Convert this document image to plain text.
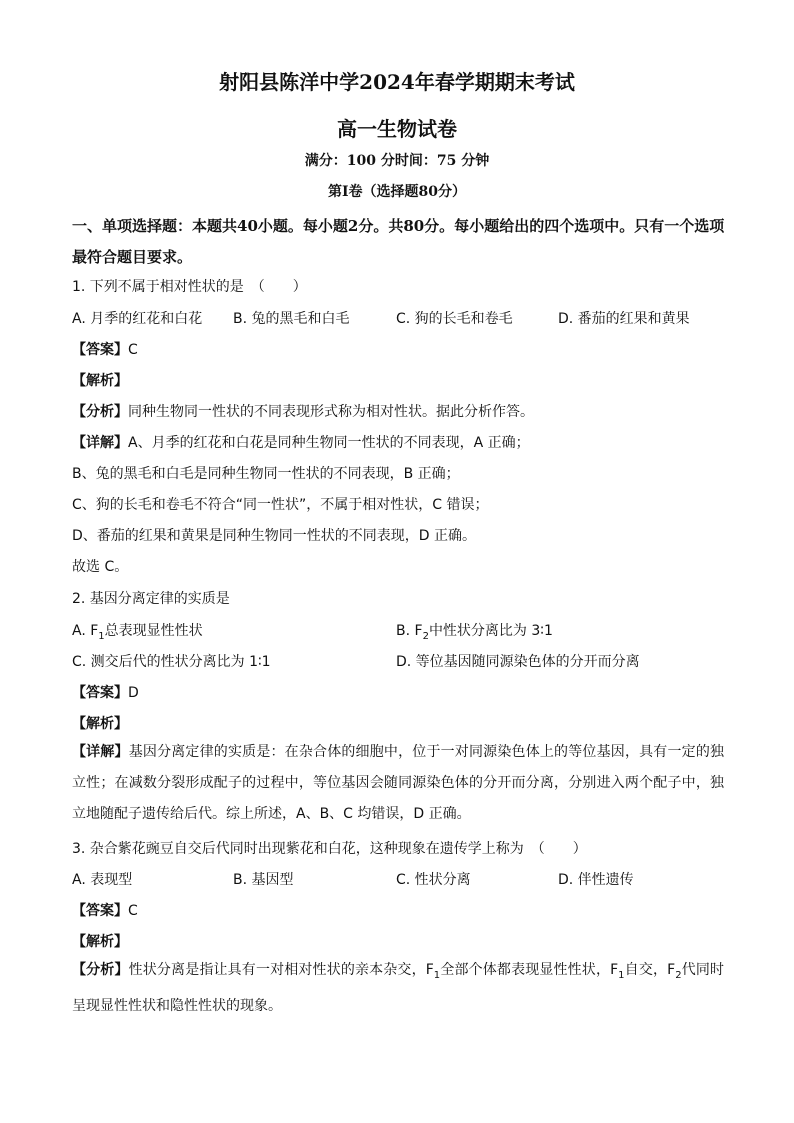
射阳县陈洋中学2024年春学期期末考试
高一生物试卷
满分：100 分时间：75 分钟
第Ⅰ卷（选择题80分）
一、单项选择题：本题共40小题。每小题2分。共80分。每小题给出的四个选项中。只有一个选项最符合题目要求。
1. 下列不属于相对性状的是　（　　）
A. 月季的红花和白花 B. 兔的黑毛和白毛	C. 狗的长毛和卷毛	D. 番茄的红果和黄果
【答案】C
【解析】
【分析】同种生物同一性状的不同表现形式称为相对性状。据此分析作答。
【详解】A、月季的红花和白花是同种生物同一性状的不同表现，A 正确；
B、兔的黑毛和白毛是同种生物同一性状的不同表现，B 正确；
C、狗的长毛和卷毛不符合“同一性状”，不属于相对性状，C 错误；
D、番茄的红果和黄果是同种生物同一性状的不同表现，D 正确。
故选 C。
2. 基因分离定律的实质是
A. $F_1$总表现显性性状	B. $F_2$中性状分离比为 3∶1
C. 测交后代的性状分离比为 1∶1	D. 等位基因随同源染色体的分开而分离
【答案】D
【解析】
【详解】基因分离定律的实质是：在杂合体的细胞中，位于一对同源染色体上的等位基因，具有一定的独立性；在减数分裂形成配子的过程中，等位基因会随同源染色体的分开而分离，分别进入两个配子中，独立地随配子遗传给后代。综上所述，A、B、C 均错误，D 正确。
3. 杂合紫花豌豆自交后代同时出现紫花和白花，这种现象在遗传学上称为　（　　）
A. 表现型	B. 基因型	C. 性状分离	D. 伴性遗传
【答案】C
【解析】
【分析】性状分离是指让具有一对相对性状的亲本杂交，$F_1$全部个体都表现显性性状，$F_1$自交，$F_2$代同时呈现显性性状和隐性性状的现象。
